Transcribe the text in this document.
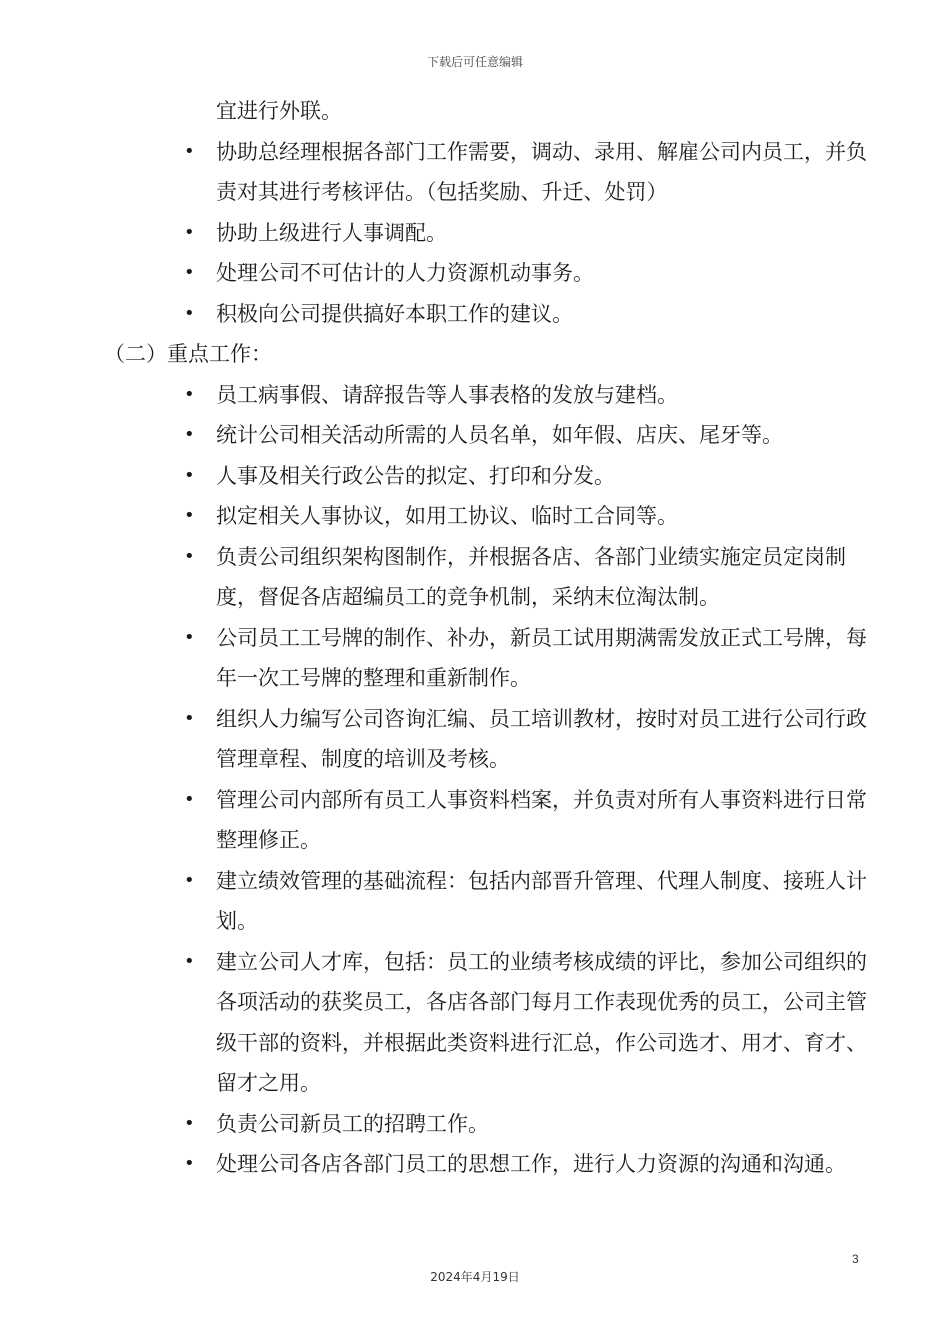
下载后可任意编辑
宜进行外联。
• 协助总经理根据各部门工作需要，调动、录用、解雇公司内员工，并负责对其进行考核评估。（包括奖励、升迁、处罚）
• 协助上级进行人事调配。
• 处理公司不可估计的人力资源机动事务。
• 积极向公司提供搞好本职工作的建议。
（二）重点工作：
• 员工病事假、请辞报告等人事表格的发放与建档。
• 统计公司相关活动所需的人员名单，如年假、店庆、尾牙等。
• 人事及相关行政公告的拟定、打印和分发。
• 拟定相关人事协议，如用工协议、临时工合同等。
• 负责公司组织架构图制作，并根据各店、各部门业绩实施定员定岗制度，督促各店超编员工的竞争机制，采纳末位淘汰制。
• 公司员工工号牌的制作、补办，新员工试用期满需发放正式工号牌，每年一次工号牌的整理和重新制作。
• 组织人力编写公司咨询汇编、员工培训教材，按时对员工进行公司行政管理章程、制度的培训及考核。
• 管理公司内部所有员工人事资料档案，并负责对所有人事资料进行日常整理修正。
• 建立绩效管理的基础流程：包括内部晋升管理、代理人制度、接班人计划。
• 建立公司人才库，包括：员工的业绩考核成绩的评比，参加公司组织的各项活动的获奖员工，各店各部门每月工作表现优秀的员工，公司主管级干部的资料，并根据此类资料进行汇总，作公司选才、用才、育才、留才之用。
• 负责公司新员工的招聘工作。
• 处理公司各店各部门员工的思想工作，进行人力资源的沟通和沟通。
3
2024年4月19日
